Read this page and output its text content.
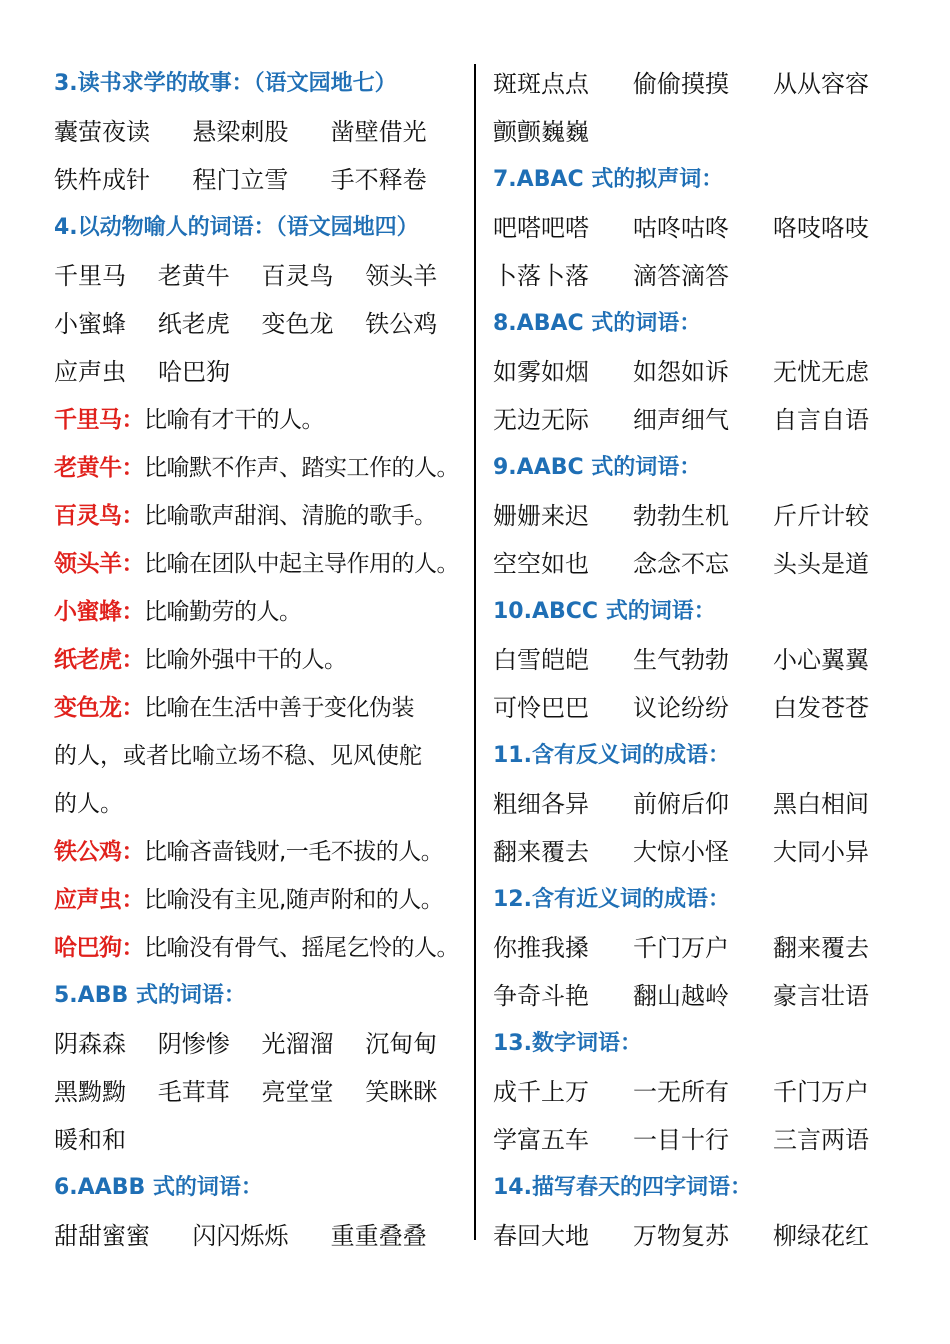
3.读书求学的故事：（语文园地七）
囊萤夜读	悬梁刺股	凿壁借光
铁杵成针	程门立雪	手不释卷
4.以动物喻人的词语：（语文园地四）
千里马	老黄牛	百灵鸟	领头羊
小蜜蜂	纸老虎	变色龙	铁公鸡
应声虫	哈巴狗
千里马：比喻有才干的人。
老黄牛：比喻默不作声、踏实工作的人。
百灵鸟：比喻歌声甜润、清脆的歌手。
领头羊：比喻在团队中起主导作用的人。
小蜜蜂：比喻勤劳的人。
纸老虎：比喻外强中干的人。
变色龙：比喻在生活中善于变化伪装
的人，或者比喻立场不稳、见风使舵
的人。
铁公鸡：比喻吝啬钱财,一毛不拔的人。
应声虫：比喻没有主见,随声附和的人。
哈巴狗：比喻没有骨气、摇尾乞怜的人。
5.ABB 式的词语：
阴森森	阴惨惨	光溜溜	沉甸甸
黑黝黝	毛茸茸	亮堂堂	笑眯眯
暖和和
6.AABB 式的词语：
甜甜蜜蜜	闪闪烁烁	重重叠叠
斑斑点点	偷偷摸摸	从从容容
颤颤巍巍
7.ABAC 式的拟声词：
吧嗒吧嗒	咕咚咕咚	咯吱咯吱
卜落卜落	滴答滴答
8.ABAC 式的词语：
如雾如烟	如怨如诉	无忧无虑
无边无际	细声细气	自言自语
9.AABC 式的词语：
姗姗来迟	勃勃生机	斤斤计较
空空如也	念念不忘	头头是道
10.ABCC 式的词语：
白雪皑皑	生气勃勃	小心翼翼
可怜巴巴	议论纷纷	白发苍苍
11.含有反义词的成语：
粗细各异	前俯后仰	黑白相间
翻来覆去	大惊小怪	大同小异
12.含有近义词的成语：
你推我搡	千门万户	翻来覆去
争奇斗艳	翻山越岭	豪言壮语
13.数字词语：
成千上万	一无所有	千门万户
学富五车	一目十行	三言两语
14.描写春天的四字词语：
春回大地	万物复苏	柳绿花红
